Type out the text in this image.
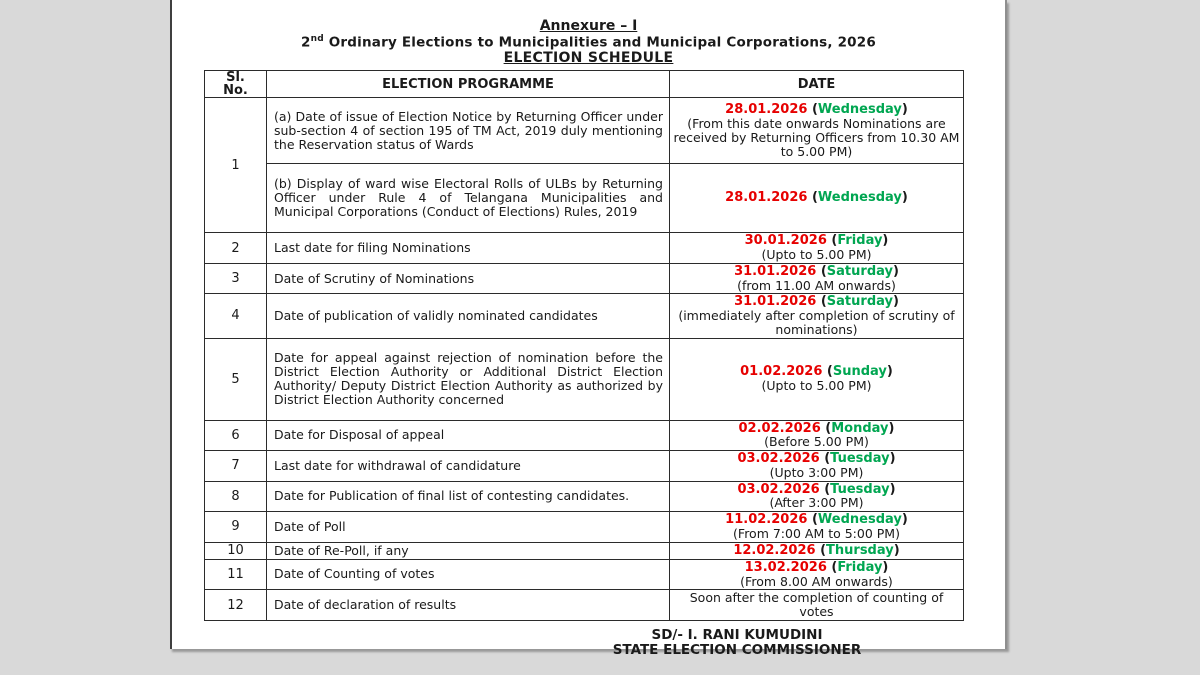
Annexure – I
2nd Ordinary Elections to Municipalities and Municipal Corporations, 2026
ELECTION SCHEDULE
Sl.
No.	ELECTION PROGRAMME	DATE
1	(a) Date of issue of Election Notice by Returning Officer under sub-section 4 of section 195 of TM Act, 2019 duly mentioning the Reservation status of Wards	28.01.2026 (Wednesday)
(From this date onwards Nominations are received by Returning Officers from 10.30 AM to 5.00 PM)

	(b) Display of ward wise Electoral Rolls of ULBs by Returning Officer under Rule 4 of Telangana Municipalities and Municipal Corporations (Conduct of Elections) Rules, 2019	28.01.2026 (Wednesday)

2	Last date for filing Nominations	30.01.2026 (Friday)
(Upto to 5.00 PM)

3	Date of Scrutiny of Nominations	31.01.2026 (Saturday)
(from 11.00 AM onwards)

4	Date of publication of validly nominated candidates	31.01.2026 (Saturday)
(immediately after completion of scrutiny of nominations)

5	Date for appeal against rejection of nomination before the District Election Authority or Additional District Election Authority/ Deputy District Election Authority as authorized by District Election Authority concerned	01.02.2026 (Sunday)
(Upto to 5.00 PM)

6	Date for Disposal of appeal	02.02.2026 (Monday)
(Before 5.00 PM)

7	Last date for withdrawal of candidature	03.02.2026 (Tuesday)
(Upto 3:00 PM)

8	Date for Publication of final list of contesting candidates.	03.02.2026 (Tuesday)
(After 3:00 PM)

9	Date of Poll	11.02.2026 (Wednesday)
(From 7:00 AM to 5:00 PM)

10	Date of Re-Poll, if any	12.02.2026 (Thursday)

11	Date of Counting of votes	13.02.2026 (Friday)
(From 8.00 AM onwards)

12	Date of declaration of results	Soon after the completion of counting of votes
SD/- I. RANI KUMUDINI
STATE ELECTION COMMISSIONER
